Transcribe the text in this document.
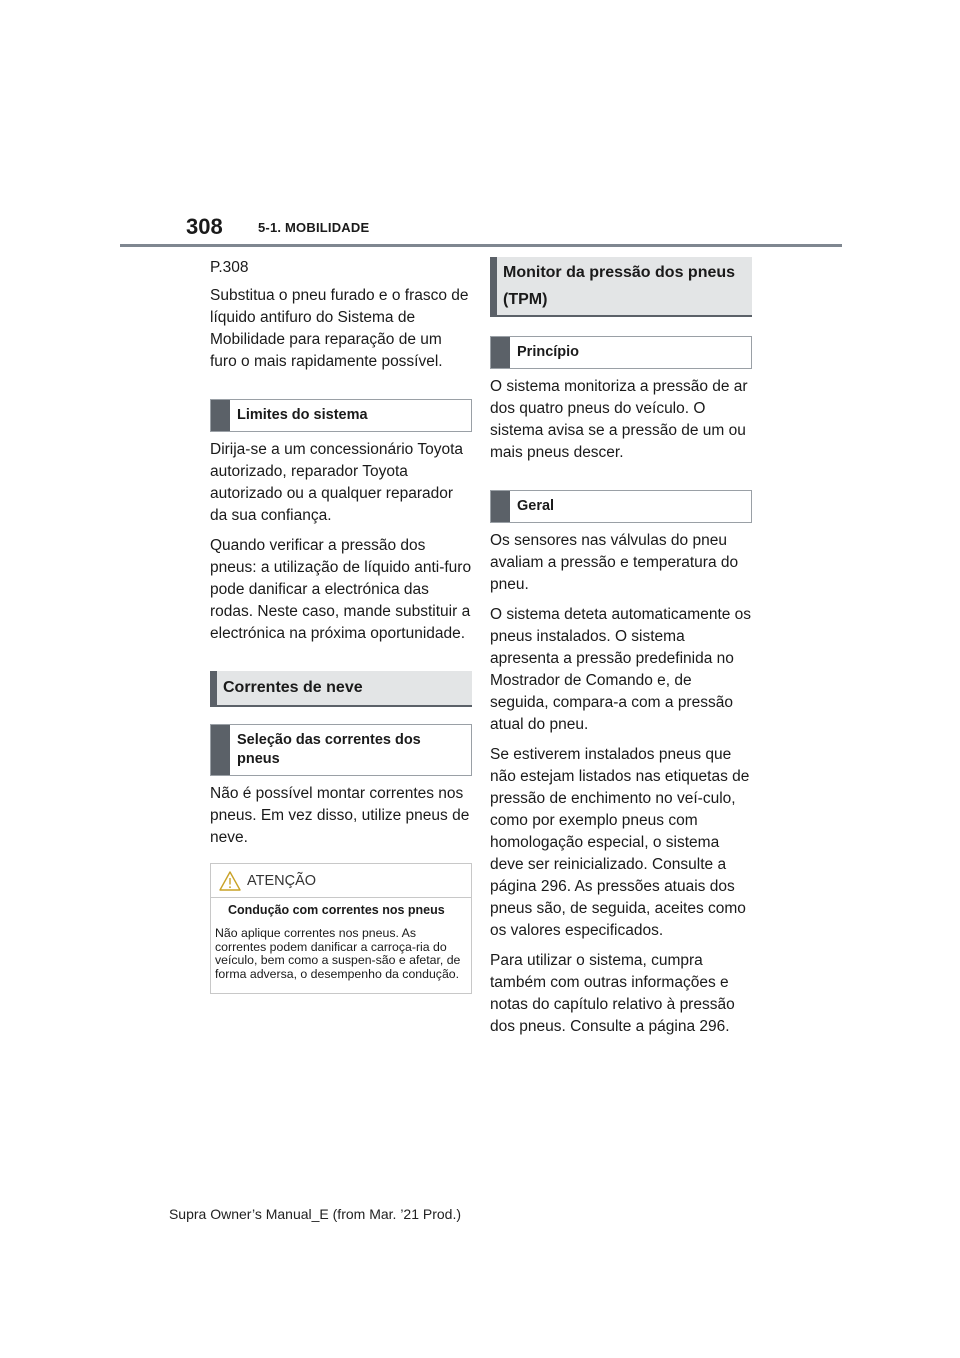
308	5-1. MOBILIDADE

P.308

Substitua o pneu furado e o frasco de líquido antifuro do Sistema de Mobilidade para reparação de um furo o mais rapidamente possível.

Limites do sistema

Dirija-se a um concessionário Toyota autorizado, reparador Toyota autorizado ou a qualquer reparador da sua confiança.

Quando verificar a pressão dos pneus: a utilização de líquido anti-furo pode danificar a electrónica das rodas. Neste caso, mande substituir a electrónica na próxima oportunidade.

Correntes de neve
Seleção das correntes dos pneus

Não é possível montar correntes nos pneus. Em vez disso, utilize pneus de neve.

ATENÇÃO
Condução com correntes nos pneus
Não aplique correntes nos pneus. As correntes podem danificar a carroça-ria do veículo, bem como a suspen-são e afetar, de forma adversa, o desempenho da condução.
Monitor da pressão dos pneus (TPM)
Princípio

O sistema monitoriza a pressão de ar dos quatro pneus do veículo. O sistema avisa se a pressão de um ou mais pneus descer.

Geral

Os sensores nas válvulas do pneu avaliam a pressão e temperatura do pneu.

O sistema deteta automaticamente os pneus instalados. O sistema apresenta a pressão predefinida no Mostrador de Comando e, de seguida, compara-a com a pressão atual do pneu.

Se estiverem instalados pneus que não estejam listados nas etiquetas de pressão de enchimento no veí-culo, como por exemplo pneus com homologação especial, o sistema deve ser reinicializado. Consulte a página 296. As pressões atuais dos pneus são, de seguida, aceites como os valores especificados.

Para utilizar o sistema, cumpra também com outras informações e notas do capítulo relativo à pressão dos pneus. Consulte a página 296.

Supra Owner’s Manual_E (from Mar. ’21 Prod.)
